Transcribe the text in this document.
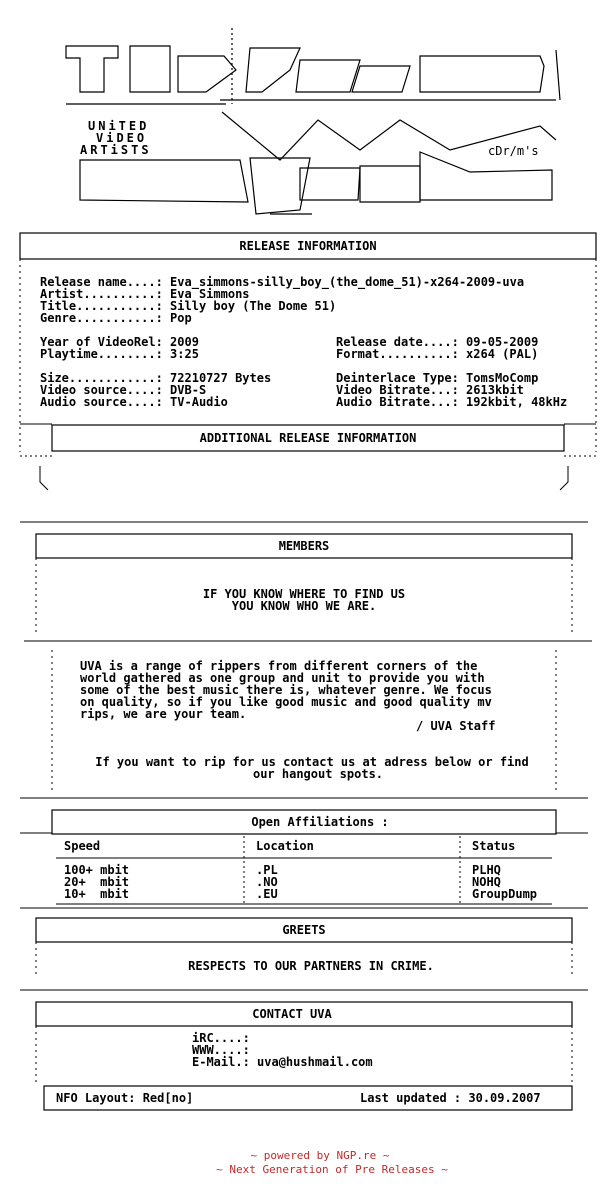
UNiTED
ViDEO
ARTiSTS	cDr/m's
RELEASE INFORMATION
Release name....: Eva_simmons-silly_boy_(the_dome_51)-x264-2009-uva
Artist..........: Eva Simmons
Title...........: Silly boy (The Dome 51)
Genre...........: Pop
Year of VideoRel: 2009
Playtime........: 3:25
Release date....: 09-05-2009
Format..........: x264 (PAL)
Size............: 72210727 Bytes
Video source....: DVB-S
Audio source....: TV-Audio
Deinterlace Type: TomsMoComp
Video Bitrate...: 2613kbit
Audio Bitrate...: 192kbit, 48kHz
ADDITIONAL RELEASE INFORMATION
MEMBERS
IF YOU KNOW WHERE TO FIND US
YOU KNOW WHO WE ARE.
UVA is a range of rippers from different corners of the
world gathered as one group and unit to provide you with
some of the best music there is, whatever genre. We focus
on quality, so if you like good music and good quality mv
rips, we are your team.
/ UVA Staff
If you want to rip for us contact us at adress below or find
our hangout spots.
Open Affiliations :
Speed	Location	Status
100+ mbit	.PL	PLHQ
20+  mbit	.NO	NOHQ
10+  mbit	.EU	GroupDump
GREETS
RESPECTS TO OUR PARTNERS IN CRIME.
CONTACT UVA
iRC....:
WWW....:
E-Mail.: uva@hushmail.com
NFO Layout: Red[no]	Last updated : 30.09.2007
~ powered by NGP.re ~
~ Next Generation of Pre Releases ~
